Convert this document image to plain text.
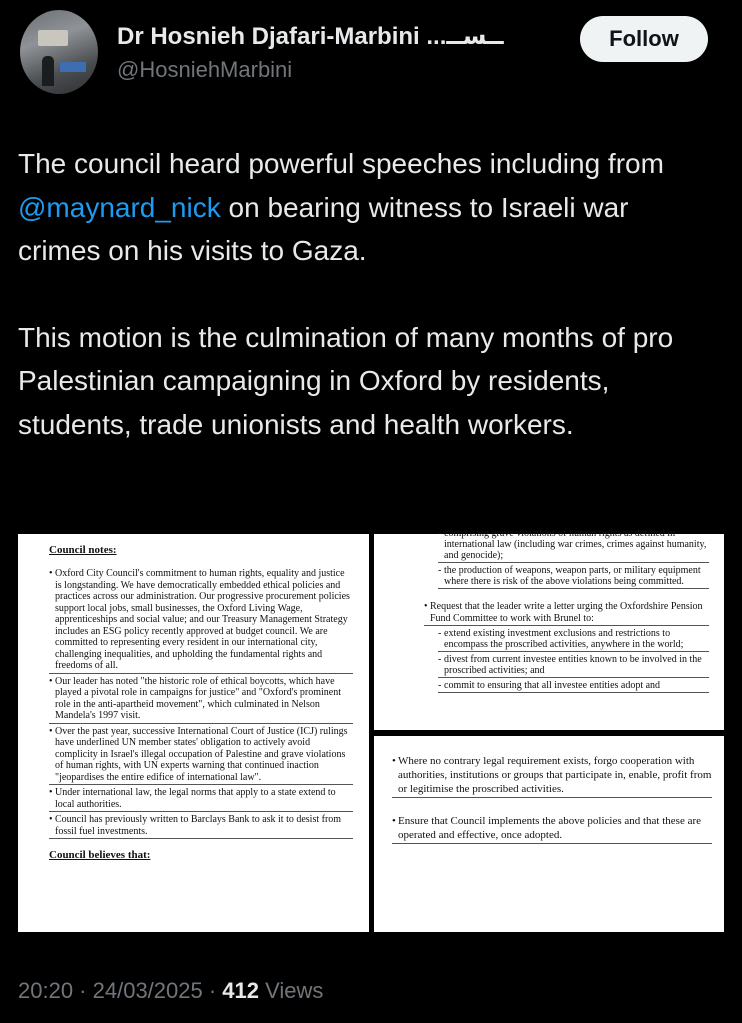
Dr Hosnieh Djafari-Marbini ...ــســ
@HosniehMarbini
Follow

The council heard powerful speeches including from @maynard_nick on bearing witness to Israeli war crimes on his visits to Gaza.

This motion is the culmination of many months of pro Palestinian campaigning in Oxford by residents, students, trade unionists and health workers.

Council notes:

• Oxford City Council's commitment to human rights, equality and justice is longstanding. We have democratically embedded ethical policies and practices across our administration. Our progressive procurement policies support local jobs, small businesses, the Oxford Living Wage, apprenticeships and social value; and our Treasury Management Strategy includes an ESG policy recently approved at budget council. We are committed to representing every resident in our international city, challenging inequalities, and upholding the fundamental rights and freedoms of all.
• Our leader has noted "the historic role of ethical boycotts, which have played a pivotal role in campaigns for justice" and "Oxford's prominent role in the anti-apartheid movement", which culminated in Nelson Mandela's 1997 visit.
• Over the past year, successive International Court of Justice (ICJ) rulings have underlined UN member states' obligation to actively avoid complicity in Israel's illegal occupation of Palestine and grave violations of human rights, with UN experts warning that continued inaction "jeopardises the entire edifice of international law".
• Under international law, the legal norms that apply to a state extend to local authorities.
• Council has previously written to Barclays Bank to ask it to desist from fossil fuel investments.

Council believes that:

- comprising grave violations of human rights as defined in international law (including war crimes, crimes against humanity, and genocide);
- the production of weapons, weapon parts, or military equipment where there is risk of the above violations being committed.
• Request that the leader write a letter urging the Oxfordshire Pension Fund Committee to work with Brunel to:
- extend existing investment exclusions and restrictions to encompass the proscribed activities, anywhere in the world;
- divest from current investee entities known to be involved in the proscribed activities; and
- commit to ensuring that all investee entities adopt and
• Where no contrary legal requirement exists, forgo cooperation with authorities, institutions or groups that participate in, enable, profit from or legitimise the proscribed activities.
• Ensure that Council implements the above policies and that these are operated and effective, once adopted.
20:20 · 24/03/2025 · 412 Views
